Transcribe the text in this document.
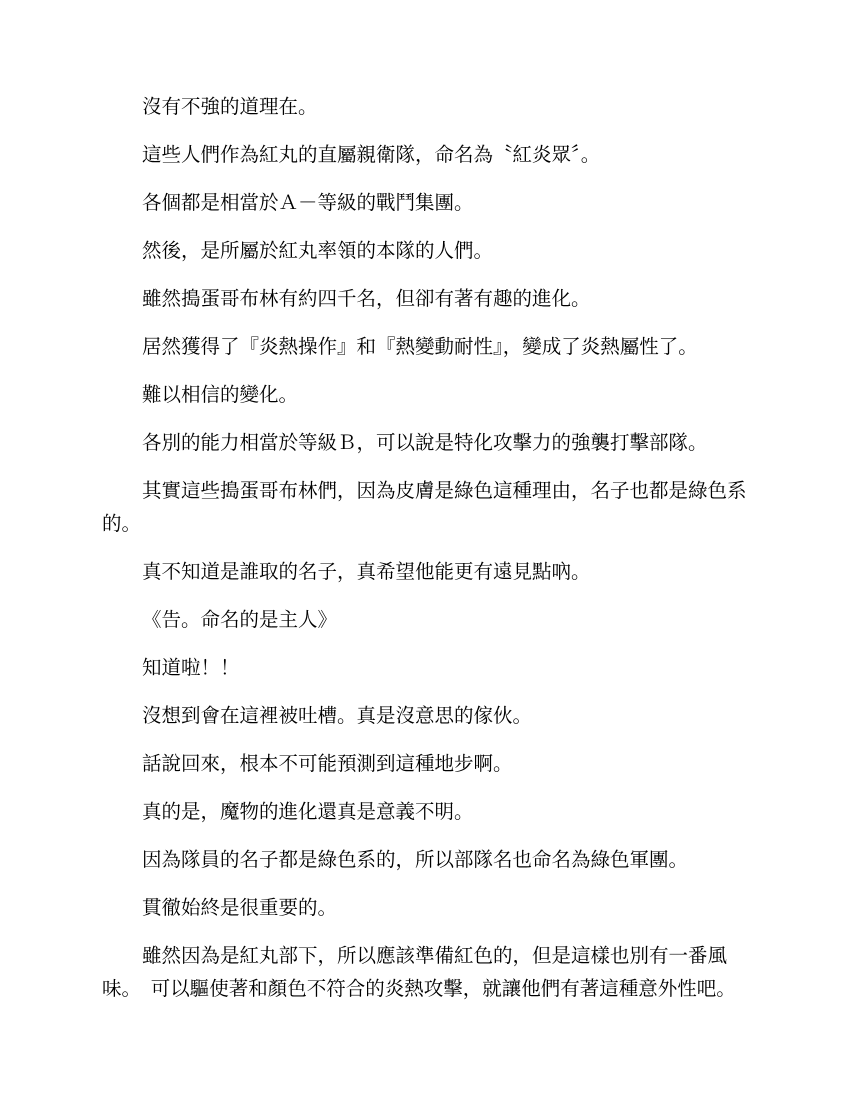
沒有不強的道理在。

這些人們作為紅丸的直屬親衛隊，命名為〝紅炎眾〞。

各個都是相當於Ａ－等級的戰鬥集團。

然後，是所屬於紅丸率領的本隊的人們。

雖然搗蛋哥布林有約四千名，但卻有著有趣的進化。

居然獲得了『炎熱操作』和『熱變動耐性』，變成了炎熱屬性了。

難以相信的變化。

各別的能力相當於等級Ｂ，可以說是特化攻擊力的強襲打擊部隊。

其實這些搗蛋哥布林們，因為皮膚是綠色這種理由，名子也都是綠色系的。

真不知道是誰取的名子，真希望他能更有遠見點吶。

《告。命名的是主人》

知道啦！！

沒想到會在這裡被吐槽。真是沒意思的傢伙。

話說回來，根本不可能預測到這種地步啊。

真的是，魔物的進化還真是意義不明。

因為隊員的名子都是綠色系的，所以部隊名也命名為綠色軍團。

貫徹始終是很重要的。

雖然因為是紅丸部下，所以應該準備紅色的，但是這樣也別有一番風味。　可以驅使著和顏色不符合的炎熱攻擊，就讓他們有著這種意外性吧。
